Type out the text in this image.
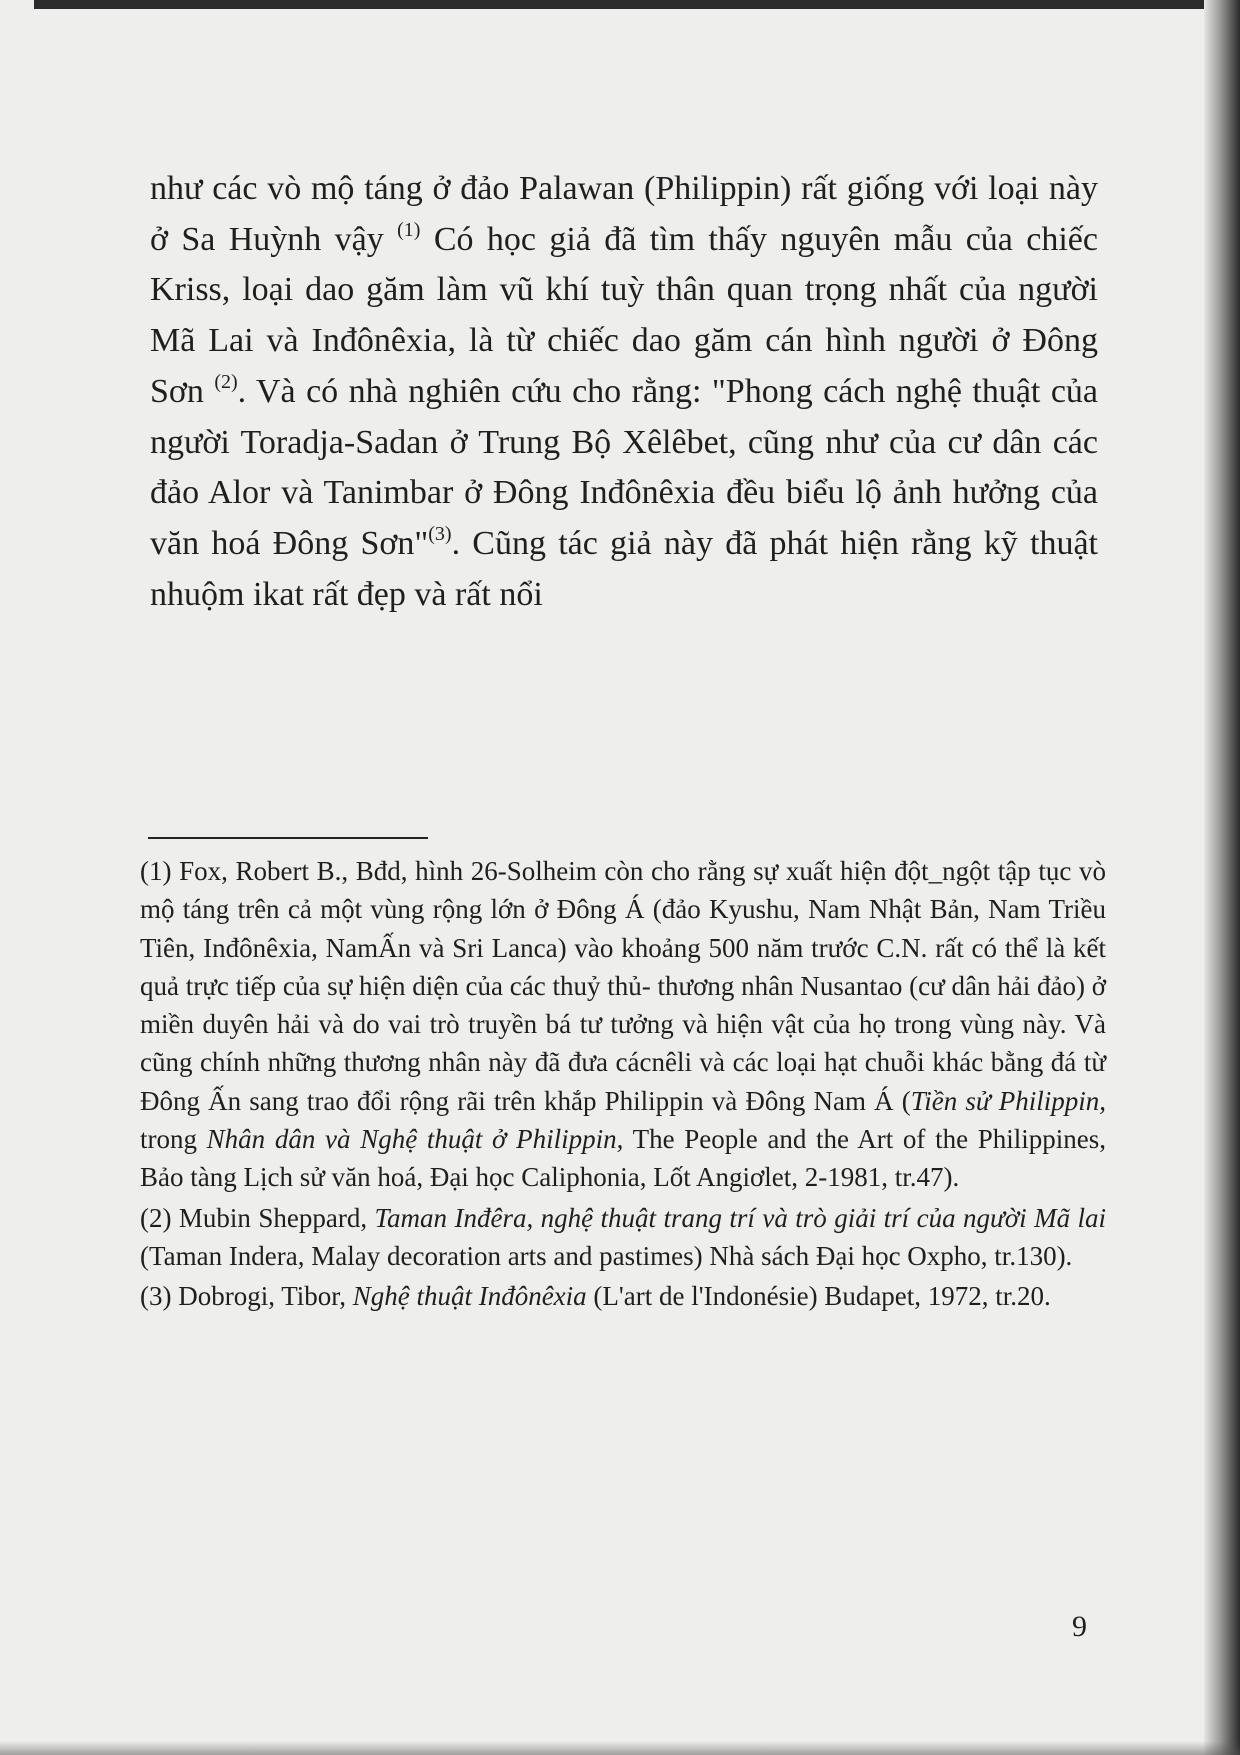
như các vò mộ táng ở đảo Palawan (Philippin) rất giống với loại này ở Sa Huỳnh vậy $^{(1)}$ Có học giả đã tìm thấy nguyên mẫu của chiếc Kriss, loại dao găm làm vũ khí tuỳ thân quan trọng nhất của người Mã Lai và Inđônêxia, là từ chiếc dao găm cán hình người ở Đông Sơn $^{(2)}$. Và có nhà nghiên cứu cho rằng: "Phong cách nghệ thuật của người Toradja-Sadan ở Trung Bộ Xêlêbet, cũng như của cư dân các đảo Alor và Tanimbar ở Đông Inđônêxia đều biểu lộ ảnh hưởng của văn hoá Đông Sơn"$^{(3)}$. Cũng tác giả này đã phát hiện rằng kỹ thuật nhuộm ikat rất đẹp và rất nổi

(1) Fox, Robert B., Bđd, hình 26-Solheim còn cho rằng sự xuất hiện đột_ngột tập tục vò mộ táng trên cả một vùng rộng lớn ở Đông Á (đảo Kyushu, Nam Nhật Bản, Nam Triều Tiên, Inđônêxia, NamẤn và Sri Lanca) vào khoảng 500 năm trước C.N. rất có thể là kết quả trực tiếp của sự hiện diện của các thuỷ thủ- thương nhân Nusantao (cư dân hải đảo) ở miền duyên hải và do vai trò truyền bá tư tưởng và hiện vật của họ trong vùng này. Và cũng chính những thương nhân này đã đưa cácnêli và các loại hạt chuỗi khác bằng đá từ Đông Ấn sang trao đổi rộng rãi trên khắp Philippin và Đông Nam Á (Tiền sử Philippin, trong Nhân dân và Nghệ thuật ở Philippin, The People and the Art of the Philippines, Bảo tàng Lịch sử văn hoá, Đại học Caliphonia, Lốt Angiơlet, 2-1981, tr.47).

(2) Mubin Sheppard, Taman Inđêra, nghệ thuật trang trí và trò giải trí của người Mã lai (Taman Indera, Malay decoration arts and pastimes) Nhà sách Đại học Oxpho, tr.130).

(3) Dobrogi, Tibor, Nghệ thuật Inđônêxia (L'art de l'Indonésie) Budapet, 1972, tr.20.

9
